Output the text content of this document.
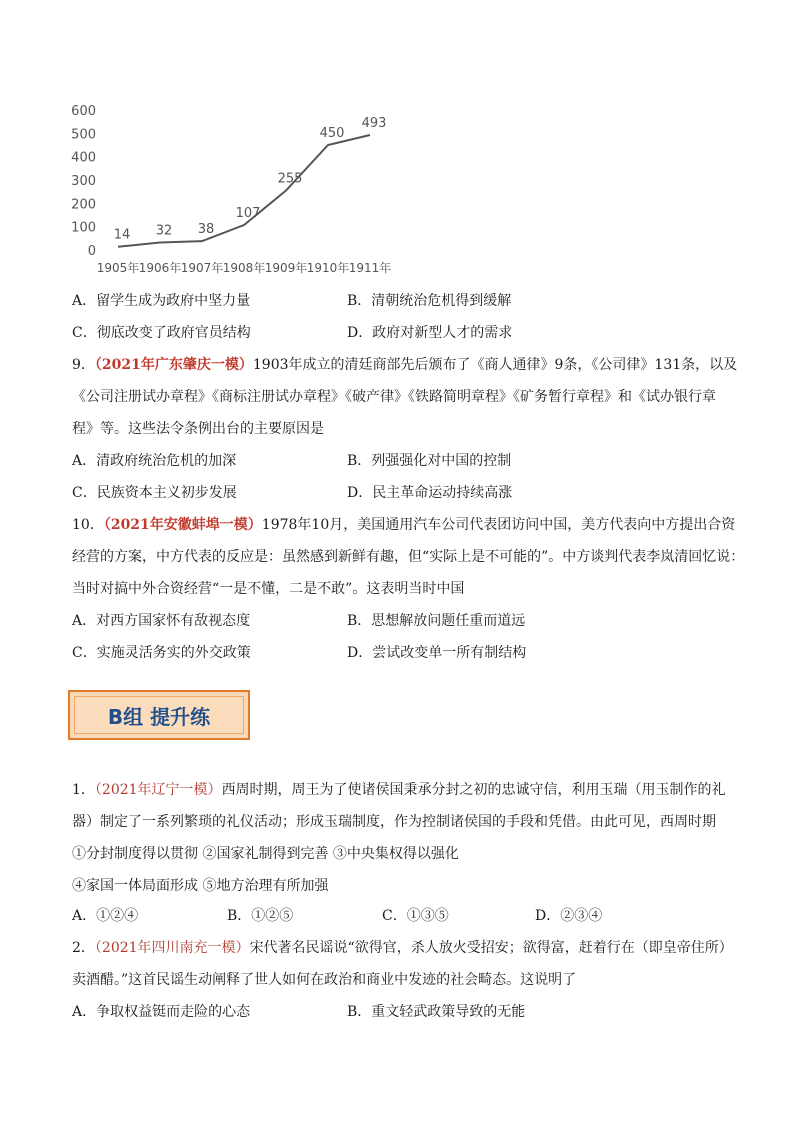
0
100
200
300
400
500
600
1905年 1906年 1907年 1908年 1909年 1910年 1911年
14 32 38
107
255
450
493
A．留学生成为政府中坚力量	B．清朝统治危机得到缓解
C．彻底改变了政府官员结构	D．政府对新型人才的需求
9．（2021年广东肇庆一模）1903年成立的清廷商部先后颁布了《商人通律》9条，《公司律》131条，以及
《公司注册试办章程》《商标注册试办章程》《破产律》《铁路简明章程》《矿务暂行章程》和《试办银行章
程》等。这些法令条例出台的主要原因是
A．清政府统治危机的加深	B．列强强化对中国的控制
C．民族资本主义初步发展	D．民主革命运动持续高涨
10．（2021年安徽蚌埠一模）1978年10月，美国通用汽车公司代表团访问中国，美方代表向中方提出合资
经营的方案，中方代表的反应是：虽然感到新鲜有趣，但“实际上是不可能的”。中方谈判代表李岚清回忆说：
当时对搞中外合资经营“一是不懂，二是不敢”。这表明当时中国
A．对西方国家怀有敌视态度	B．思想解放问题任重而道远
C．实施灵活务实的外交政策	D．尝试改变单一所有制结构
B组 提升练
1．（2021年辽宁一模）西周时期，周王为了使诸侯国秉承分封之初的忠诚守信，利用玉瑞（用玉制作的礼
器）制定了一系列繁琐的礼仪活动；形成玉瑞制度，作为控制诸侯国的手段和凭借。由此可见，西周时期
①分封制度得以贯彻 ②国家礼制得到完善 ③中央集权得以强化
④家国一体局面形成 ⑤地方治理有所加强
A．①②④	B．①②⑤	C．①③⑤	D．②③④
2．（2021年四川南充一模）宋代著名民谣说“欲得官，杀人放火受招安；欲得富，赶着行在（即皇帝住所）
卖酒醋。”这首民谣生动阐释了世人如何在政治和商业中发迹的社会畸态。这说明了
A．争取权益铤而走险的心态	B．重文轻武政策导致的无能
